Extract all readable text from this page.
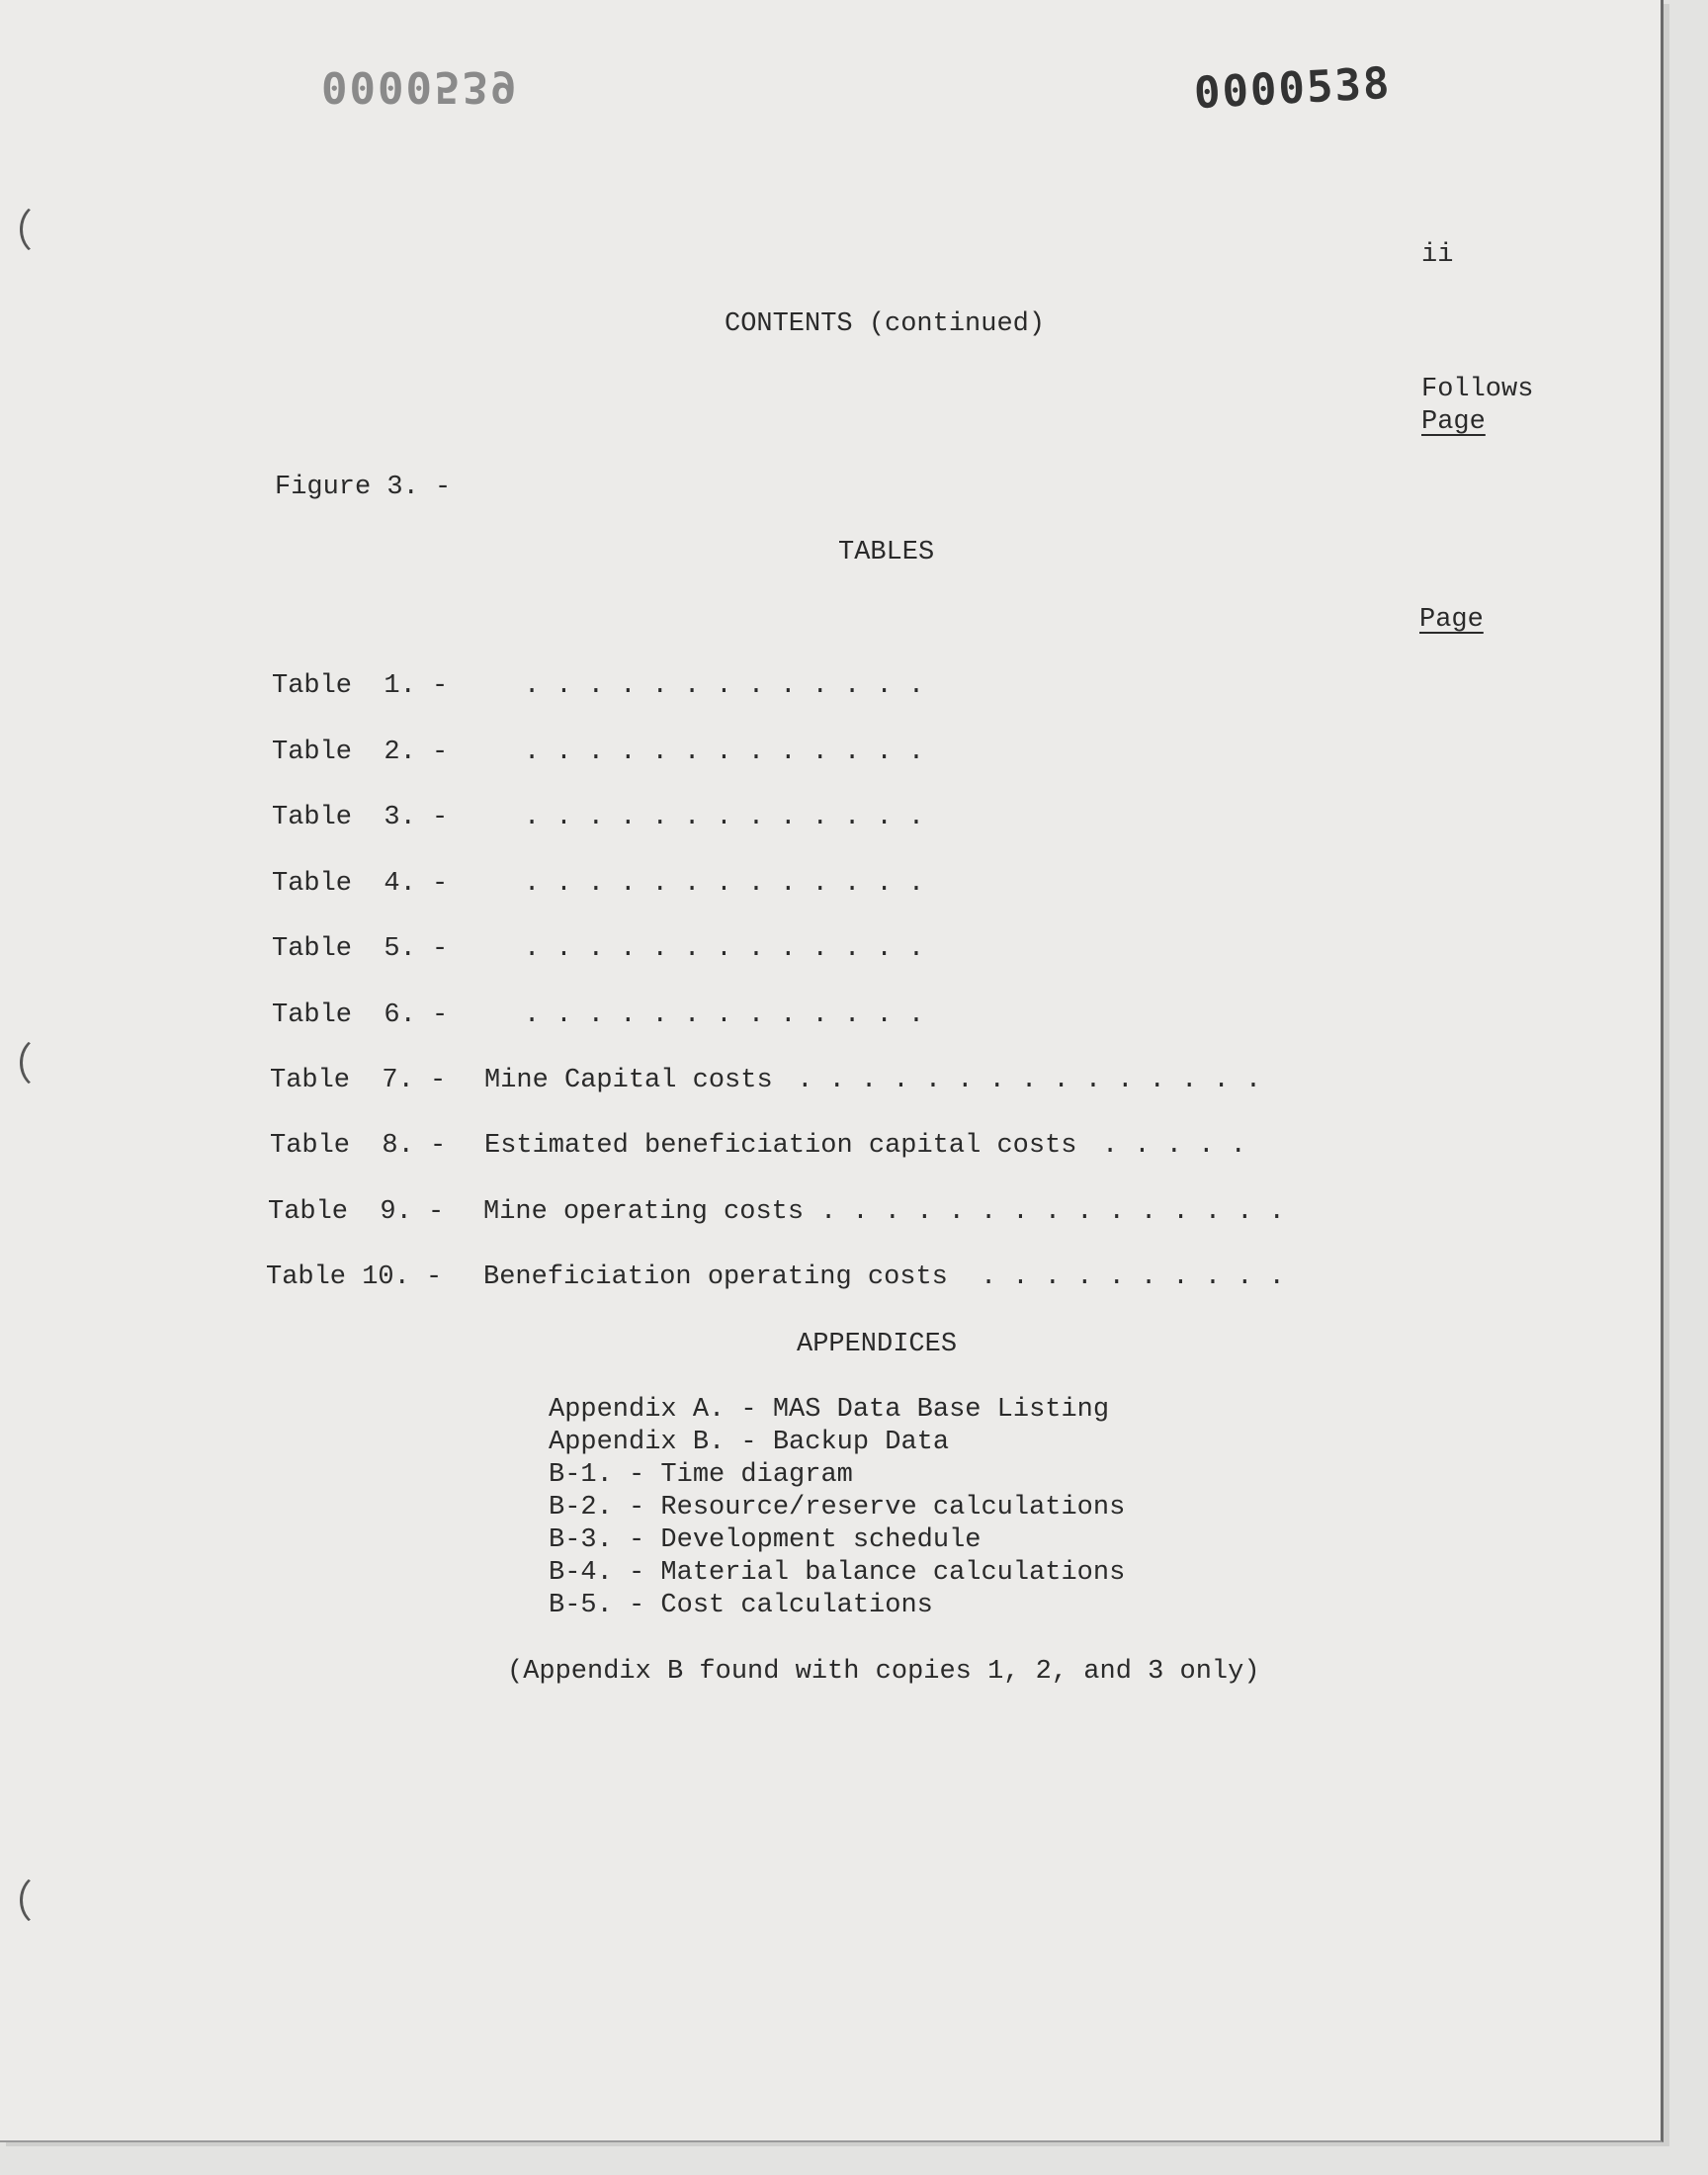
0000539	0000538
ii
CONTENTS (continued)
Follows
Page
Figure 3. -
TABLES
Page
Table  1. -	. . . . . . . . . . . . .
Table  2. -	. . . . . . . . . . . . .
Table  3. -	. . . . . . . . . . . . .
Table  4. -	. . . . . . . . . . . . .
Table  5. -	. . . . . . . . . . . . .
Table  6. -	. . . . . . . . . . . . .
Table  7. - Mine Capital costs . . . . . . . . . . . . . . .
Table  8. - Estimated beneficiation capital costs . . . . .
Table  9. - Mine operating costs . . . . . . . . . . . . . . .
Table 10. - Beneficiation operating costs . . . . . . . . . .
APPENDICES
Appendix A. - MAS Data Base Listing
Appendix B. - Backup Data
B-1. - Time diagram
B-2. - Resource/reserve calculations
B-3. - Development schedule
B-4. - Material balance calculations
B-5. - Cost calculations
(Appendix B found with copies 1, 2, and 3 only)
